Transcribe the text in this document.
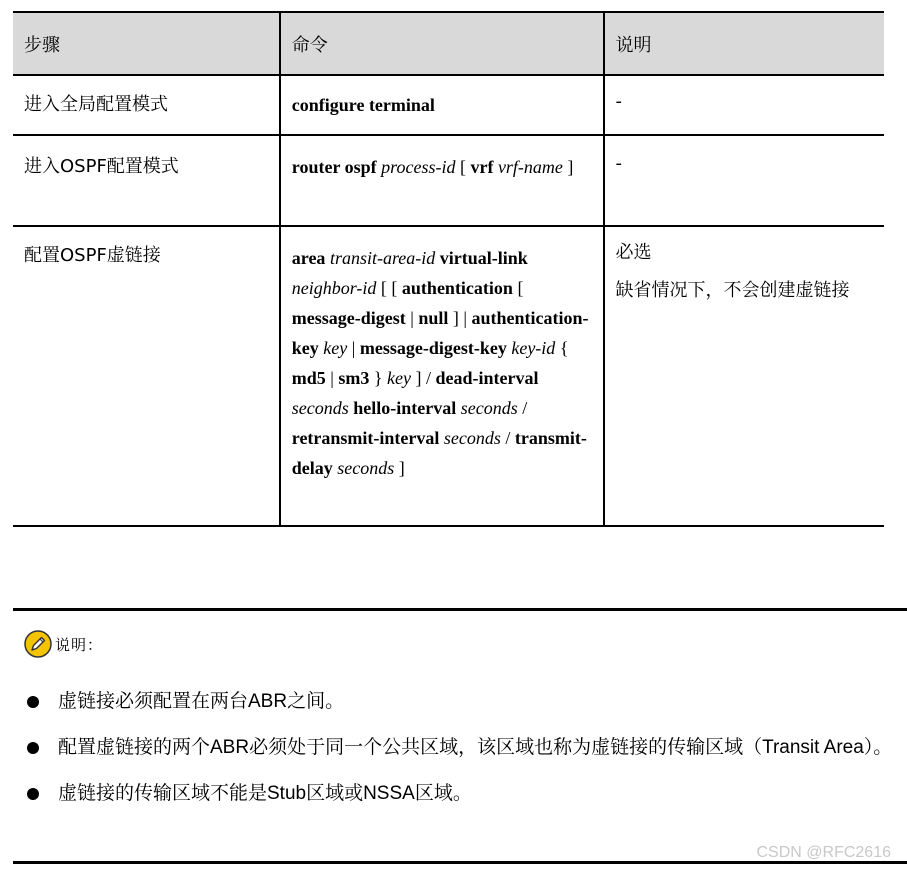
步骤	命令	说明
进入全局配置模式	configure terminal	-

进入OSPF配置模式	router ospf process-id [ vrf vrf-name ]	-

配置OSPF虚链接	area transit-area-id virtual-link neighbor-id [ [ authentication [ message-digest | null ] | authentication-key key | message-digest-key key-id { md5 | sm3 } key ] / dead-interval seconds hello-interval seconds / retransmit-interval seconds / transmit-delay seconds ]	必选
缺省情况下，不会创建虚链接
说明：
虚链接必须配置在两台ABR之间。
配置虚链接的两个ABR必须处于同一个公共区域，该区域也称为虚链接的传输区域（Transit Area）。
虚链接的传输区域不能是Stub区域或NSSA区域。
CSDN @RFC2616
